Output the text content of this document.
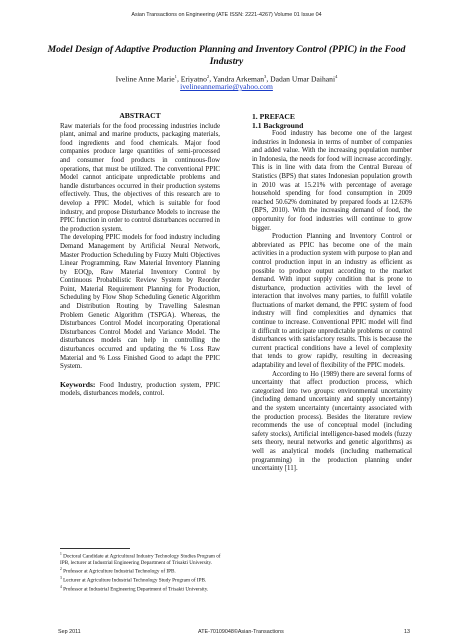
Asian Transactions on Engineering (ATE ISSN: 2221-4267) Volume 01 Issue 04
Model Design of Adaptive Production Planning and Inventory Control (PPIC) in the Food Industry
Iveline Anne Marie$^1$, Eriyatno$^2$, Yandra Arkeman$^3$, Dadan Umar Daihani$^4$
ivelineannemarie@yahoo.com
ABSTRACT

Raw materials for the food processing industries include plant, animal and marine products, packaging materials, food ingredients and food chemicals. Major food companies produce large quantities of semi-processed and consumer food products in continuous-flow operations, that must be utilized. The conventional PPIC Model cannot anticipate unpredictable problems and handle disturbances occurred in their production systems effectively. Thus, the objectives of this research are to develop a PPIC Model, which is suitable for food industry, and propose Disturbance Models to increase the PPIC function in order to control disturbances occurred in the production system.

The developing PPIC models for food industry including Demand Management by Artificial Neural Network, Master Production Scheduling by Fuzzy Multi Objectives Linear Programming, Raw Material Inventory Planning by EOQp, Raw Material Inventory Control by Continuous Probabilistic Review System by Reorder Point, Material Requirement Planning for Production, Scheduling by Flow Shop Scheduling Genetic Algorithm and Distribution Routing by Travelling Salesman Problem Genetic Algorithm (TSPGA). Whereas, the Disturbances Control Model incorporating Operational Disturbances Control Model and Variance Model. The disturbances models can help in controlling the disturbances occurred and updating the % Loss Raw Material and % Loss Finished Good to adapt the PPIC System.

Keywords: Food Industry, production system, PPIC models, disturbances models, control.
$^1$ Doctoral Candidate at Agricultural Industry Technology Studies Program of IPB, lecturer at Industrial Engineering Department of Trisakti University.
$^2$ Professor at Agriculture Industrial Technology of IPB.
$^3$ Lecturer at Agriculture Industrial Technology Study Program of IPB.
$^4$ Professor at Industrial Engineering Department of Trisakti University.
1. PREFACE
1.1 Background

Food industry has become one of the largest industries in Indonesia in terms of number of companies and added value. With the increasing population number in Indonesia, the needs for food will increase accordingly. This is in line with data from the Central Bureau of Statistics (BPS) that states Indonesian population growth in 2010 was at 15.21% with percentage of average household spending for food consumption in 2009 reached 50.62% dominated by prepared foods at 12.63% (BPS, 2010). With the increasing demand of food, the opportunity for food industries will continue to grow bigger.

Production Planning and Inventory Control or abbreviated as PPIC has become one of the main activities in a production system with purpose to plan and control production input in an industry as efficient as possible to produce output according to the market demand. With input supply condition that is prone to disturbance, production activities with the level of interaction that involves many parties, to fulfill volatile fluctuations of market demand, the PPIC system of food industry will find complexities and dynamics that continue to increase. Conventional PPIC model will find it difficult to anticipate unpredictable problems or control disturbances with satisfactory results. This is because the current practical conditions have a level of complexity that tends to grow rapidly, resulting in decreasing adaptability and level of flexibility of the PPIC models.

According to Ho (1989) there are several forms of uncertainty that affect production process, which categorized into two groups: environmental uncertainty (including demand uncertainty and supply uncertainty) and the system uncertainty (uncertainty associated with the production process). Besides the literature review recommends the use of conceptual model (including safety stocks), Artificial intelligence-based models (fuzzy sets theory, neural networks and genetic algorithms) as well as analytical models (including mathematical programming) in the production planning under uncertainty [11].

Sep 2011	ATE-70109048©Asian-Transactions	13
